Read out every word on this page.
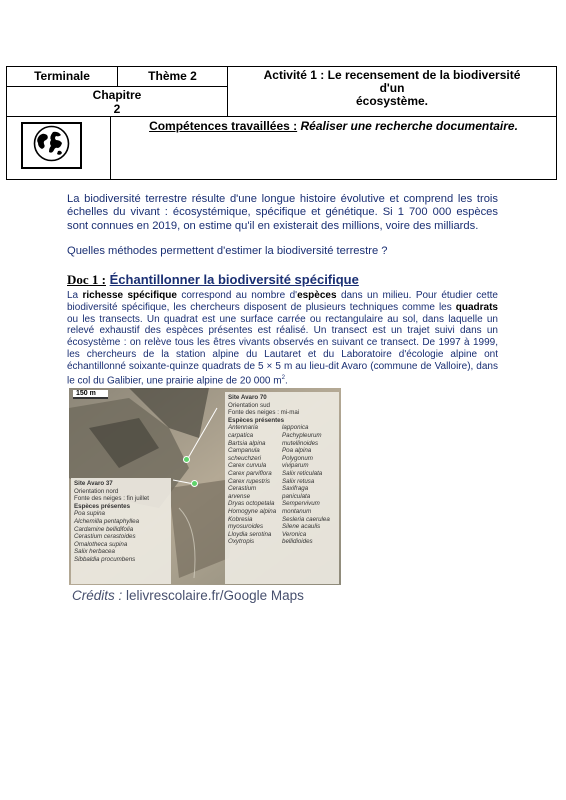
Terminale	Thème 2
Chapitre
2
Activité 1 : Le recensement de la biodiversité
d'un
écosystème.
Compétences travaillées : Réaliser une recherche documentaire.
La biodiversité terrestre résulte d'une longue histoire évolutive et comprend les trois échelles du vivant : écosystémique, spécifique et génétique. Si 1 700 000 espèces sont connues en 2019, on estime qu'il en existerait des millions, voire des milliards.
Quelles méthodes permettent d'estimer la biodiversité terrestre ?
Doc 1 : Échantillonner la biodiversité spécifique
La richesse spécifique correspond au nombre d'espèces dans un milieu. Pour étudier cette biodiversité spécifique, les chercheurs disposent de plusieurs techniques comme les quadrats ou les transects. Un quadrat est une surface carrée ou rectangulaire au sol, dans laquelle un relevé exhaustif des espèces présentes est réalisé. Un transect est un trajet suivi dans un écosystème : on relève tous les êtres vivants observés en suivant ce transect. De 1997 à 1999, les chercheurs de la station alpine du Lautaret et du Laboratoire d'écologie alpine ont échantillonné soixante-quinze quadrats de 5 × 5 m au lieu-dit Avaro (commune de Valloire), dans le col du Galibier, une prairie alpine de 20 000 $m^2$.
150 m
Site Avaro 70
Orientation sud
Fonte des neiges : mi-mai
Espèces présentes
Antennaria
carpatica
Bartsia alpina
Campanula
scheuchzeri
Carex curvula
Carex parviflora
Carex rupestris
Cerastium
arvense
Dryas octopetala
Homogyne alpina
Kobresia
myosuroides
Lloydia serotina
Oxytropis
lapponica
Pachypleurum
mutellinoides
Poa alpina
Polygonum
viviparum
Salix reticulata
Salix retusa
Saxifraga
paniculata
Sempervivum
montanum
Sesleria caerulea
Silene acaulis
Veronica
bellidioides
Site Avaro 37
Orientation nord
Fonte des neiges : fin juillet
Espèces présentes
Poa supina
Alchemilla pentaphyllea
Cardamine bellidifolia
Cerastium cerastoides
Omalotheca supina
Salix herbacea
Sibbaldia procumbens
Crédits : lelivrescolaire.fr/Google Maps
